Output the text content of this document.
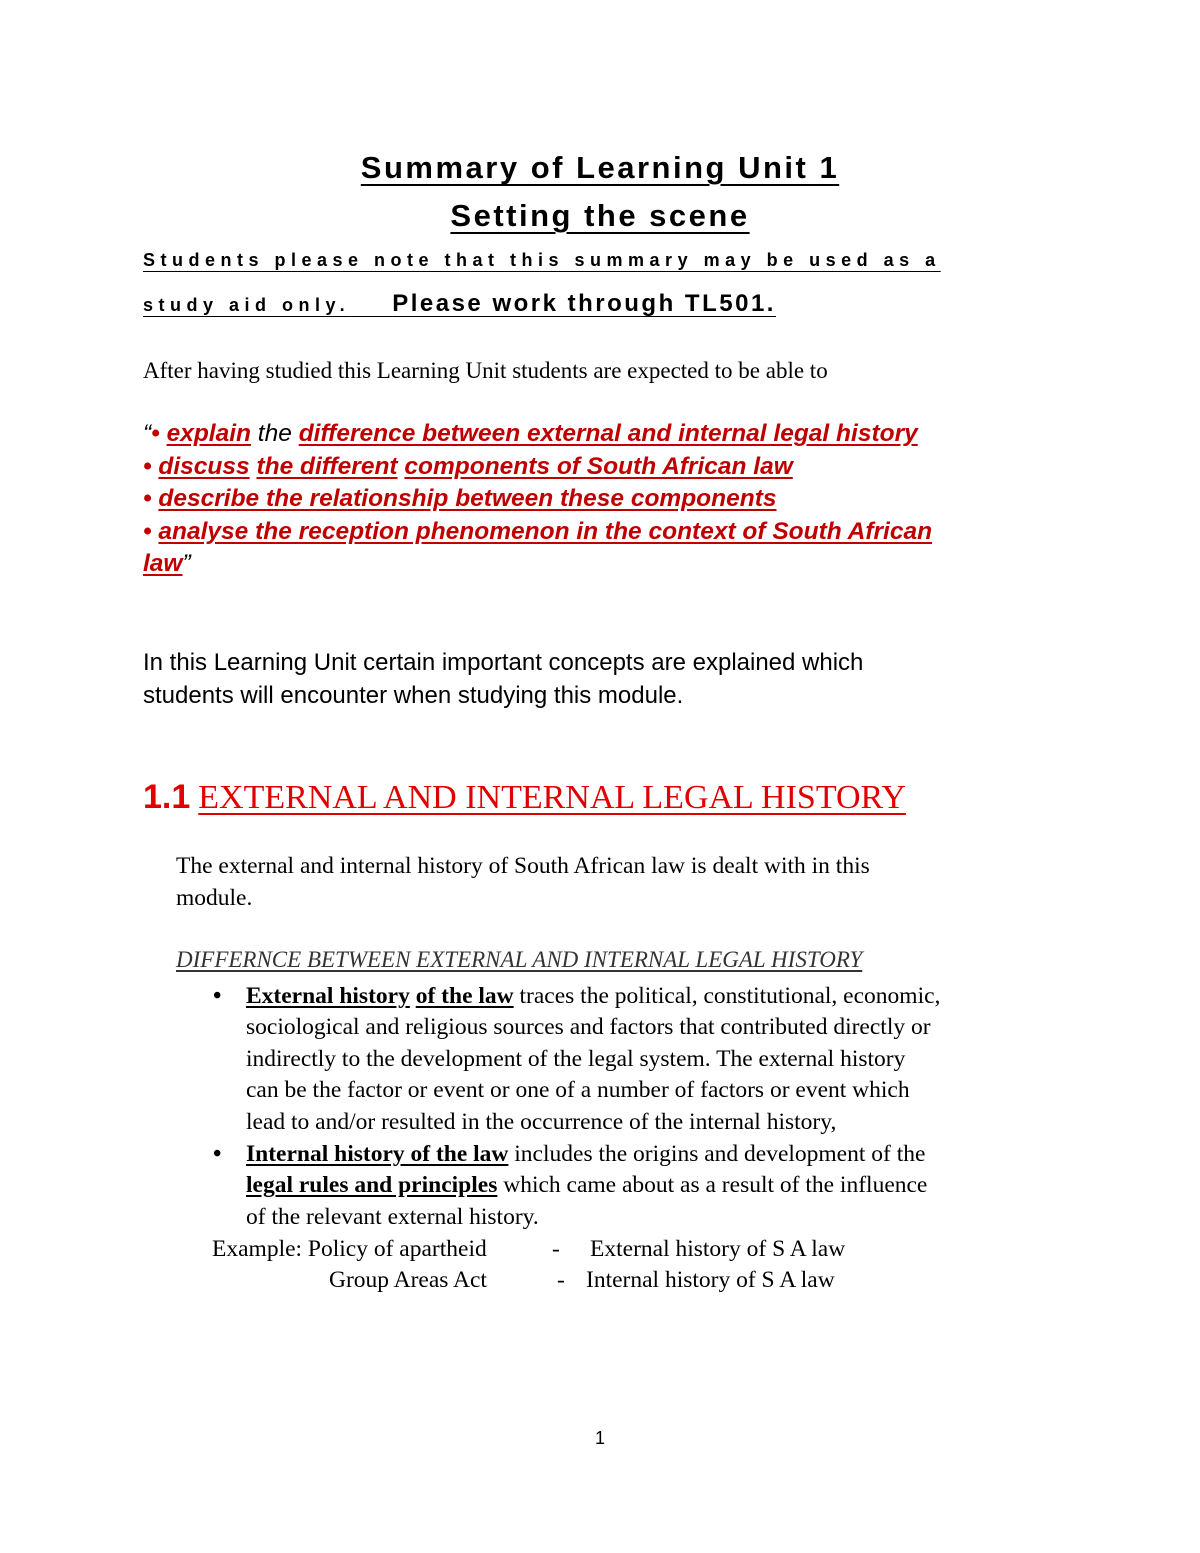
Summary of Learning Unit 1
Setting the scene
Students please note that this summary may be used as a
study aid only. Please work through TL501.
After having studied this Learning Unit students are expected to be able to
“• explain the difference between external and internal legal history
• discuss the different components of South African law
• describe the relationship between these components
• analyse the reception phenomenon in the context of South African
law”
In this Learning Unit certain important concepts are explained which
students will encounter when studying this module.
1.1 EXTERNAL AND INTERNAL LEGAL HISTORY
The external and internal history of South African law is dealt with in this
module.
DIFFERNCE BETWEEN EXTERNAL AND INTERNAL LEGAL HISTORY
• External history of the law traces the political, constitutional, economic,
sociological and religious sources and factors that contributed directly or
indirectly to the development of the legal system. The external history
can be the factor or event or one of a number of factors or event which
lead to and/or resulted in the occurrence of the internal history,
• Internal history of the law includes the origins and development of the
legal rules and principles which came about as a result of the influence
of the relevant external history.
Example: Policy of apartheid	- External history of S A law
Group Areas Act	- Internal history of S A law
1
